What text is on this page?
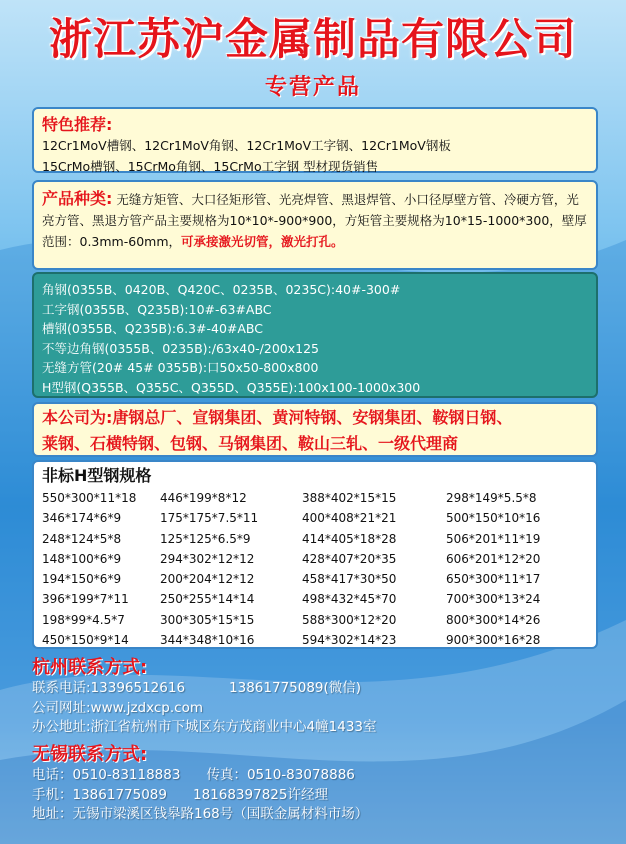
浙江苏沪金属制品有限公司
专营产品
特色推荐:
12Cr1MoV槽钢、12Cr1MoV角钢、12Cr1MoV工字钢、12Cr1MoV钢板
15CrMo槽钢、15CrMo角钢、15CrMo工字钢 型材现货销售
产品种类: 无缝方矩管、大口径矩形管、光亮焊管、黑退焊管、小口径厚壁方管、冷硬方管，光亮方管、黑退方管产品主要规格为10*10*-900*900，方矩管主要规格为10*15-1000*300，壁厚范围：0.3mm-60mm，可承接激光切管，激光打孔。
角钢(0355B、0420B、Q420C、0235B、0235C):40#-300#
工字钢(0355B、Q235B):10#-63#ABC
槽钢(0355B、Q235B):6.3#-40#ABC
不等边角钢(0355B、0235B):/63x40-/200x125
无缝方管(20# 45# 0355B):口50x50-800x800
H型钢(Q355B、Q355C、Q355D、Q355E):100x100-1000x300
本公司为:唐钢总厂、宣钢集团、黄河特钢、安钢集团、鞍钢日钢、
莱钢、石横特钢、包钢、马钢集团、鞍山三轧、一级代理商
非标H型钢规格
550*300*11*18	446*199*8*12	388*402*15*15	298*149*5.5*8
346*174*6*9	175*175*7.5*11	400*408*21*21	500*150*10*16
248*124*5*8	125*125*6.5*9	414*405*18*28	506*201*11*19
148*100*6*9	294*302*12*12	428*407*20*35	606*201*12*20
194*150*6*9	200*204*12*12	458*417*30*50	650*300*11*17
396*199*7*11	250*255*14*14	498*432*45*70	700*300*13*24
198*99*4.5*7	300*305*15*15	588*300*12*20	800*300*14*26
450*150*9*14	344*348*10*16	594*302*14*23	900*300*16*28
杭州联系方式:
联系电话:13396512616	13861775089(微信)
公司网址:www.jzdxcp.com
办公地址:浙江省杭州市下城区东方茂商业中心4幢1433室
无锡联系方式:
电话：0510-83118883 传真：0510-83078886
手机：13861775089 18168397825许经理
地址：无锡市梁溪区钱皋路168号（国联金属材料市场）
